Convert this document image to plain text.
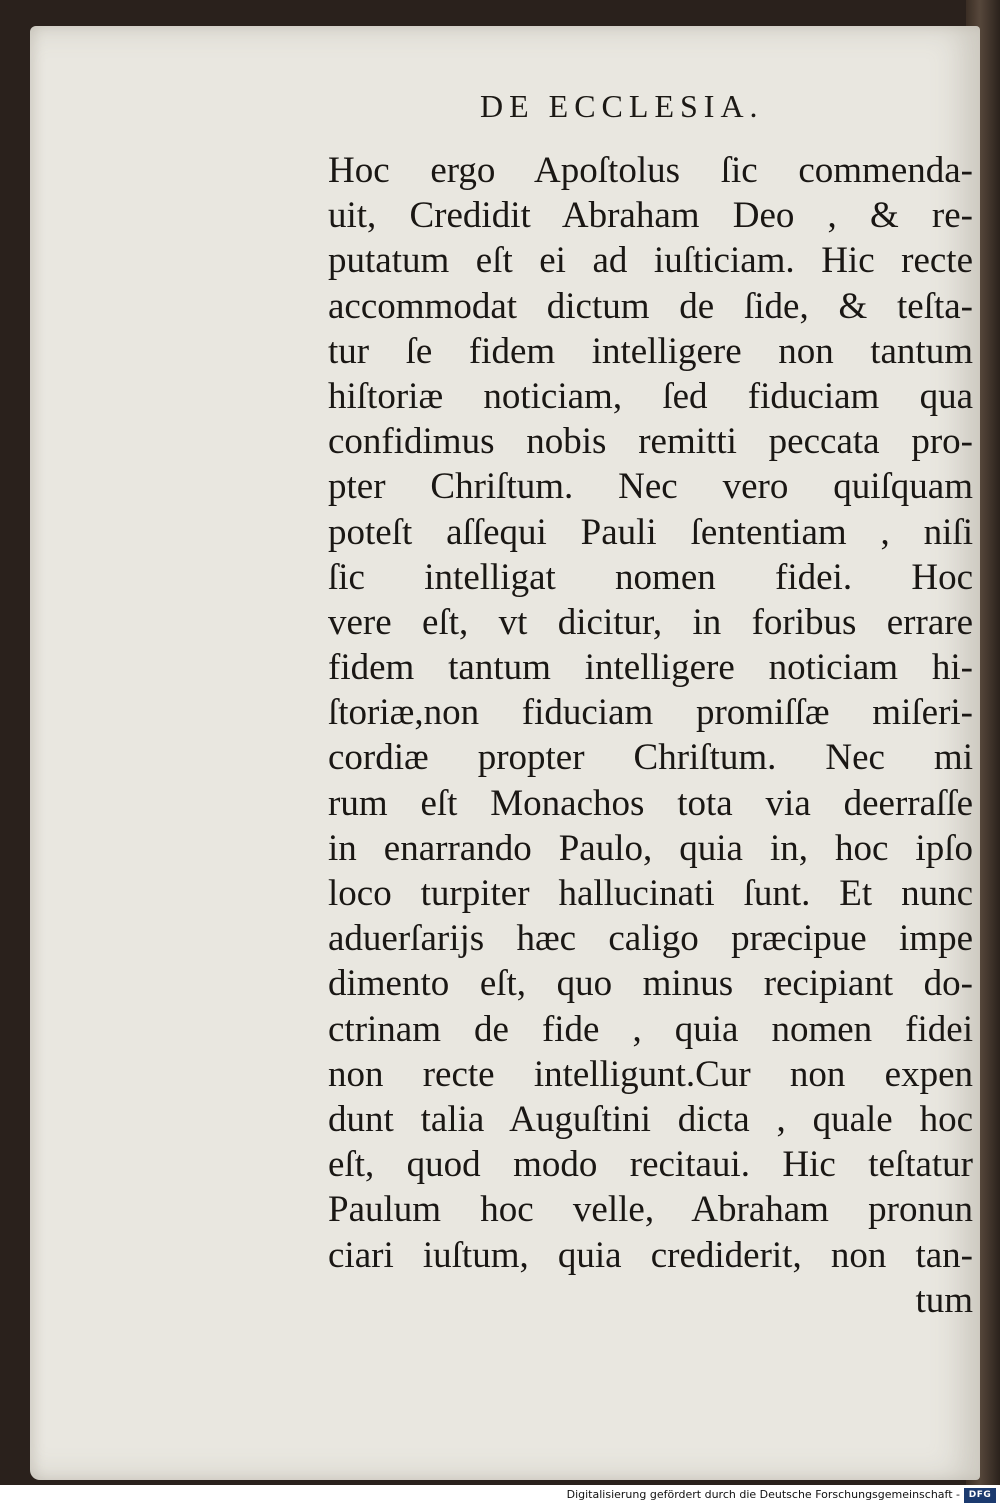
DE ECCLESIA.
Hoc ergo Apoſtolus ſic commenda-
uit, Credidit Abraham Deo , & re-
putatum eſt ei ad iuſticiam. Hic recte
accommodat dictum de ſide, & teſta-
tur ſe fidem intelligere non tantum
hiſtoriæ noticiam, ſed fiduciam qua
confidimus nobis remitti peccata pro-
pter Chriſtum. Nec vero quiſquam
poteſt aſſequi Pauli ſententiam , niſi
ſic intelligat nomen fidei. Hoc
vere eſt, vt dicitur, in foribus errare
fidem tantum intelligere noticiam hi-
ſtoriæ,non fiduciam promiſſæ miſeri-
cordiæ propter Chriſtum. Nec mi
rum eſt Monachos tota via deerraſſe
in enarrando Paulo, quia in, hoc ipſo
loco turpiter hallucinati ſunt. Et nunc
aduerſarijs hæc caligo præcipue impe
dimento eſt, quo minus recipiant do-
ctrinam de fide , quia nomen fidei
non recte intelligunt.Cur non expen
dunt talia Auguſtini dicta , quale hoc
eſt, quod modo recitaui. Hic teſtatur
Paulum hoc velle, Abraham pronun
ciari iuſtum, quia crediderit, non tan-
tum
Digitalisierung gefördert durch die Deutsche Forschungsgemeinschaft - DFG
